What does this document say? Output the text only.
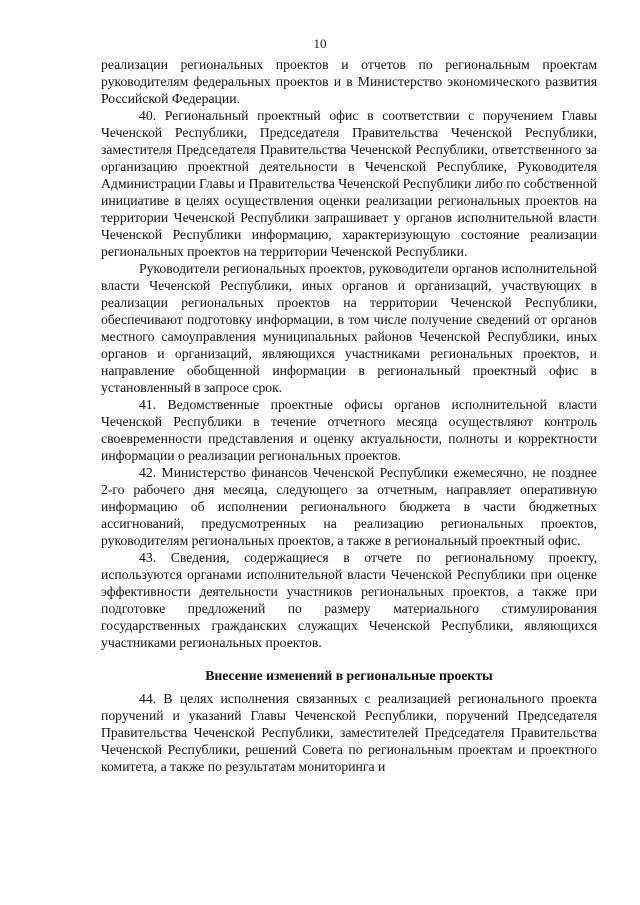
10

реализации региональных проектов и отчетов по региональным проектам руководителям федеральных проектов и в Министерство экономического развития Российской Федерации.

40. Региональный проектный офис в соответствии с поручением Главы Чеченской Республики, Председателя Правительства Чеченской Республики, заместителя Председателя Правительства Чеченской Республики, ответственного за организацию проектной деятельности в Чеченской Республике, Руководителя Администрации Главы и Правительства Чеченской Республики либо по собственной инициативе в целях осуществления оценки реализации региональных проектов на территории Чеченской Республики запрашивает у органов исполнительной власти Чеченской Республики информацию, характеризующую состояние реализации региональных проектов на территории Чеченской Республики.

Руководители региональных проектов, руководители органов исполнительной власти Чеченской Республики, иных органов и организаций, участвующих в реализации региональных проектов на территории Чеченской Республики, обеспечивают подготовку информации, в том числе получение сведений от органов местного самоуправления муниципальных районов Чеченской Республики, иных органов и организаций, являющихся участниками региональных проектов, и направление обобщенной информации в региональный проектный офис в установленный в запросе срок.

41. Ведомственные проектные офисы органов исполнительной власти Чеченской Республики в течение отчетного месяца осуществляют контроль своевременности представления и оценку актуальности, полноты и корректности информации о реализации региональных проектов.

42. Министерство финансов Чеченской Республики ежемесячно, не позднее 2-го рабочего дня месяца, следующего за отчетным, направляет оперативную информацию об исполнении регионального бюджета в части бюджетных ассигнований, предусмотренных на реализацию региональных проектов, руководителям региональных проектов, а также в региональный проектный офис.

43. Сведения, содержащиеся в отчете по региональному проекту, используются органами исполнительной власти Чеченской Республики при оценке эффективности деятельности участников региональных проектов, а также при подготовке предложений по размеру материального стимулирования государственных гражданских служащих Чеченской Республики, являющихся участниками региональных проектов.

Внесение изменений в региональные проекты

44. В целях исполнения связанных с реализацией регионального проекта поручений и указаний Главы Чеченской Республики, поручений Председателя Правительства Чеченской Республики, заместителей Председателя Правительства Чеченской Республики, решений Совета по региональным проектам и проектного комитета, а также по результатам мониторинга и
